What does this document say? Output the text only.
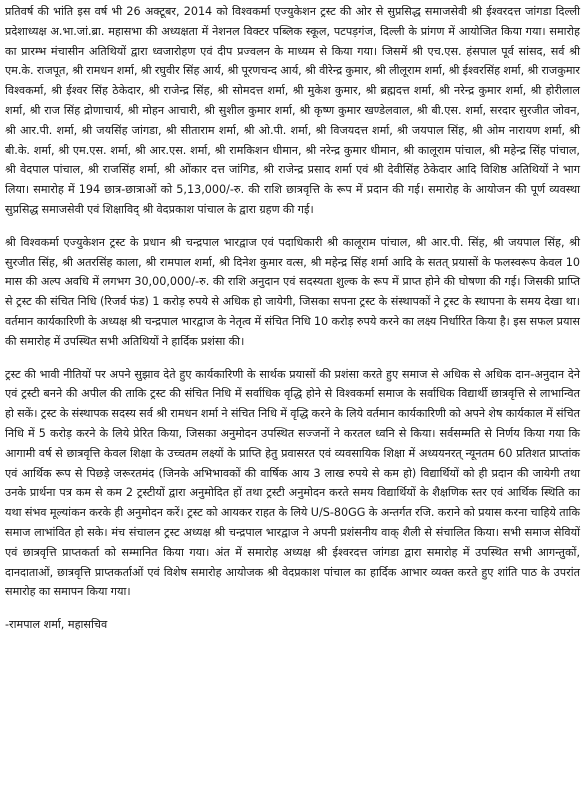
प्रतिवर्ष की भांति इस वर्ष भी 26 अक्टूबर, 2014 को विश्वकर्मा एज्युकेशन ट्रस्ट की ओर से सुप्रसिद्ध समाजसेवी श्री ईश्वरदत्त जांगडा दिल्ली प्रदेशाध्यक्ष अ.भा.जां.ब्रा. महासभा की अध्यक्षता में नेशनल विक्टर पब्लिक स्कूल, पटपड़गंज, दिल्ली के प्रांगण में आयोजित किया गया। समारोह का प्रारम्भ मंचासीन अतिथियों द्वारा ध्वजारोहण एवं दीप प्रज्वलन के माध्यम से किया गया। जिसमें श्री एच.एस. हंसपाल पूर्व सांसद, सर्व श्री एम.के. राजपूत, श्री रामधन शर्मा, श्री रघुवीर सिंह आर्य, श्री पूरणचन्द आर्य, श्री वीरेन्द्र कुमार, श्री लीलूराम शर्मा, श्री ईश्वरसिंह शर्मा, श्री राजकुमार विश्वकर्मा, श्री ईश्वर सिंह ठेकेदार, श्री राजेन्द्र सिंह, श्री सोमदत्त शर्मा, श्री मुकेश कुमार, श्री ब्रह्मदत्त शर्मा, श्री नरेन्द्र कुमार शर्मा, श्री होरीलाल शर्मा, श्री राज सिंह द्रोणाचार्य, श्री मोहन आचारी, श्री सुशील कुमार शर्मा, श्री कृष्ण कुमार खण्डेलवाल, श्री बी.एस. शर्मा, सरदार सुरजीत जोवन, श्री आर.पी. शर्मा, श्री जयसिंह जांगडा, श्री सीताराम शर्मा, श्री ओ.पी. शर्मा, श्री विजयदत्त शर्मा, श्री जयपाल सिंह, श्री ओम नारायण शर्मा, श्री बी.के. शर्मा, श्री एम.एस. शर्मा, श्री आर.एस. शर्मा, श्री रामकिशन धीमान, श्री नरेन्द्र कुमार धीमान, श्री कालूराम पांचाल, श्री महेन्द्र सिंह पांचाल, श्री वेदपाल पांचाल, श्री राजसिंह शर्मा, श्री ओंकार दत्त जांगिड, श्री राजेन्द्र प्रसाद शर्मा एवं श्री देवीसिंह ठेकेदार आदि विशिष्ठ अतिथियों ने भाग लिया। समारोह में 194 छात्र-छात्राओं को 5,13,000/-रु. की राशि छात्रवृत्ति के रूप में प्रदान की गई। समारोह के आयोजन की पूर्ण व्यवस्था सुप्रसिद्ध समाजसेवी एवं शिक्षाविद् श्री वेदप्रकाश पांचाल के द्वारा ग्रहण की गई।

श्री विश्वकर्मा एज्युकेशन ट्रस्ट के प्रधान श्री चन्द्रपाल भारद्वाज एवं पदाधिकारी श्री कालूराम पांचाल, श्री आर.पी. सिंह, श्री जयपाल सिंह, श्री सुरजीत सिंह, श्री अतरसिंह काला, श्री रामपाल शर्मा, श्री दिनेश कुमार वत्स, श्री महेन्द्र सिंह शर्मा आदि के सतत् प्रयासों के फलस्वरूप केवल 10 मास की अल्प अवधि में लगभग 30,00,000/-रु. की राशि अनुदान एवं सदस्यता शुल्क के रूप में प्राप्त होने की घोषणा की गई। जिसकी प्राप्ति से ट्रस्ट की संचित निधि (रिजर्व फंड) 1 करोड़ रुपये से अधिक हो जायेगी, जिसका सपना ट्रस्ट के संस्थापकों ने ट्रस्ट के स्थापना के समय देखा था। वर्तमान कार्यकारिणी के अध्यक्ष श्री चन्द्रपाल भारद्वाज के नेतृत्व में संचित निधि 10 करोड़ रुपये करने का लक्ष्य निर्धारित किया है। इस सफल प्रयास की समारोह में उपस्थित सभी अतिथियों ने हार्दिक प्रशंसा की।

ट्रस्ट की भावी नीतियों पर अपने सुझाव देते हुए कार्यकारिणी के सार्थक प्रयासों की प्रशंसा करते हुए समाज से अधिक से अधिक दान-अनुदान देने एवं ट्रस्टी बनने की अपील की ताकि ट्रस्ट की संचित निधि में सर्वाधिक वृद्धि होने से विश्वकर्मा समाज के सर्वाधिक विद्यार्थी छात्रवृत्ति से लाभान्वित हो सकें। ट्रस्ट के संस्थापक सदस्य सर्व श्री रामधन शर्मा ने संचित निधि में वृद्धि करने के लिये वर्तमान कार्यकारिणी को अपने शेष कार्यकाल में संचित निधि में 5 करोड़ करने के लिये प्रेरित किया, जिसका अनुमोदन उपस्थित सज्जनों ने करतल ध्वनि से किया। सर्वसम्मति से निर्णय किया गया कि आगामी वर्ष से छात्रवृत्ति केवल शिक्षा के उच्चतम लक्ष्यों के प्राप्ति हेतु प्रवासरत एवं व्यवसायिक शिक्षा में अध्ययनरत् न्यूनतम 60 प्रतिशत प्राप्तांक एवं आर्थिक रूप से पिछड़े जरूरतमंद (जिनके अभिभावकों की वार्षिक आय 3 लाख रुपये से कम हो) विद्यार्थियों को ही प्रदान की जायेगी तथा उनके प्रार्थना पत्र कम से कम 2 ट्रस्टीयों द्वारा अनुमोदित हों तथा ट्रस्टी अनुमोदन करते समय विद्यार्थियों के शैक्षणिक स्तर एवं आर्थिक स्थिति का यथा संभव मूल्यांकन करके ही अनुमोदन करें। ट्रस्ट को आयकर राहत के लिये U/S-80GG के अन्तर्गत रजि. कराने को प्रयास करना चाहिये ताकि समाज लाभांवित हो सके। मंच संचालन ट्रस्ट अध्यक्ष श्री चन्द्रपाल भारद्वाज ने अपनी प्रशंसनीय वाक् शैली से संचालित किया। सभी समाज सेवियों एवं छात्रवृत्ति प्राप्तकर्ता को सम्मानित किया गया। अंत में समारोह अध्यक्ष श्री ईश्वरदत्त जांगडा द्वारा समारोह में उपस्थित सभी आगन्तुकों, दानदाताओं, छात्रवृत्ति प्राप्तकर्ताओं एवं विशेष समारोह आयोजक श्री वेदप्रकाश पांचाल का हार्दिक आभार व्यक्त करते हुए शांति पाठ के उपरांत समारोह का समापन किया गया।

-रामपाल शर्मा, महासचिव
